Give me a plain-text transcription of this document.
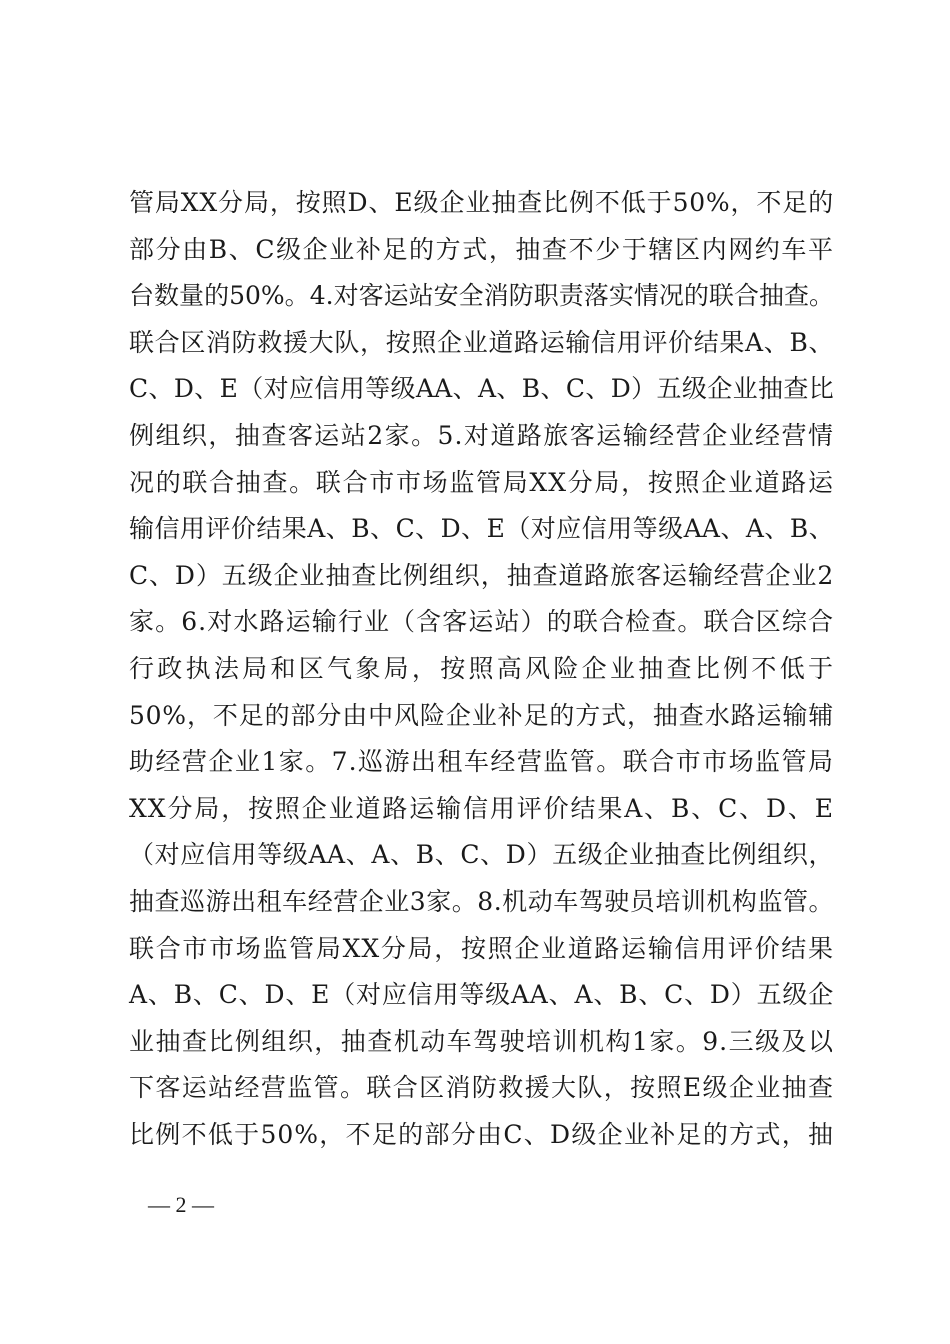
管局XX分局，按照D、E级企业抽查比例不低于50%，不足的
部分由B、C级企业补足的方式，抽查不少于辖区内网约车平
台数量的50%。4.对客运站安全消防职责落实情况的联合抽查。
联合区消防救援大队，按照企业道路运输信用评价结果A、B、
C、D、E（对应信用等级AA、A、B、C、D）五级企业抽查比
例组织，抽查客运站2家。5.对道路旅客运输经营企业经营情
况的联合抽查。联合市市场监管局XX分局，按照企业道路运
输信用评价结果A、B、C、D、E（对应信用等级AA、A、B、
C、D）五级企业抽查比例组织，抽查道路旅客运输经营企业2
家。6.对水路运输行业（含客运站）的联合检查。联合区综合
行政执法局和区气象局，按照高风险企业抽查比例不低于
50%，不足的部分由中风险企业补足的方式，抽查水路运输辅
助经营企业1家。7.巡游出租车经营监管。联合市市场监管局
XX分局，按照企业道路运输信用评价结果A、B、C、D、E
（对应信用等级AA、A、B、C、D）五级企业抽查比例组织，
抽查巡游出租车经营企业3家。8.机动车驾驶员培训机构监管。
联合市市场监管局XX分局，按照企业道路运输信用评价结果
A、B、C、D、E（对应信用等级AA、A、B、C、D）五级企
业抽查比例组织，抽查机动车驾驶培训机构1家。9.三级及以
下客运站经营监管。联合区消防救援大队，按照E级企业抽查
比例不低于50%，不足的部分由C、D级企业补足的方式，抽
— 2 —
